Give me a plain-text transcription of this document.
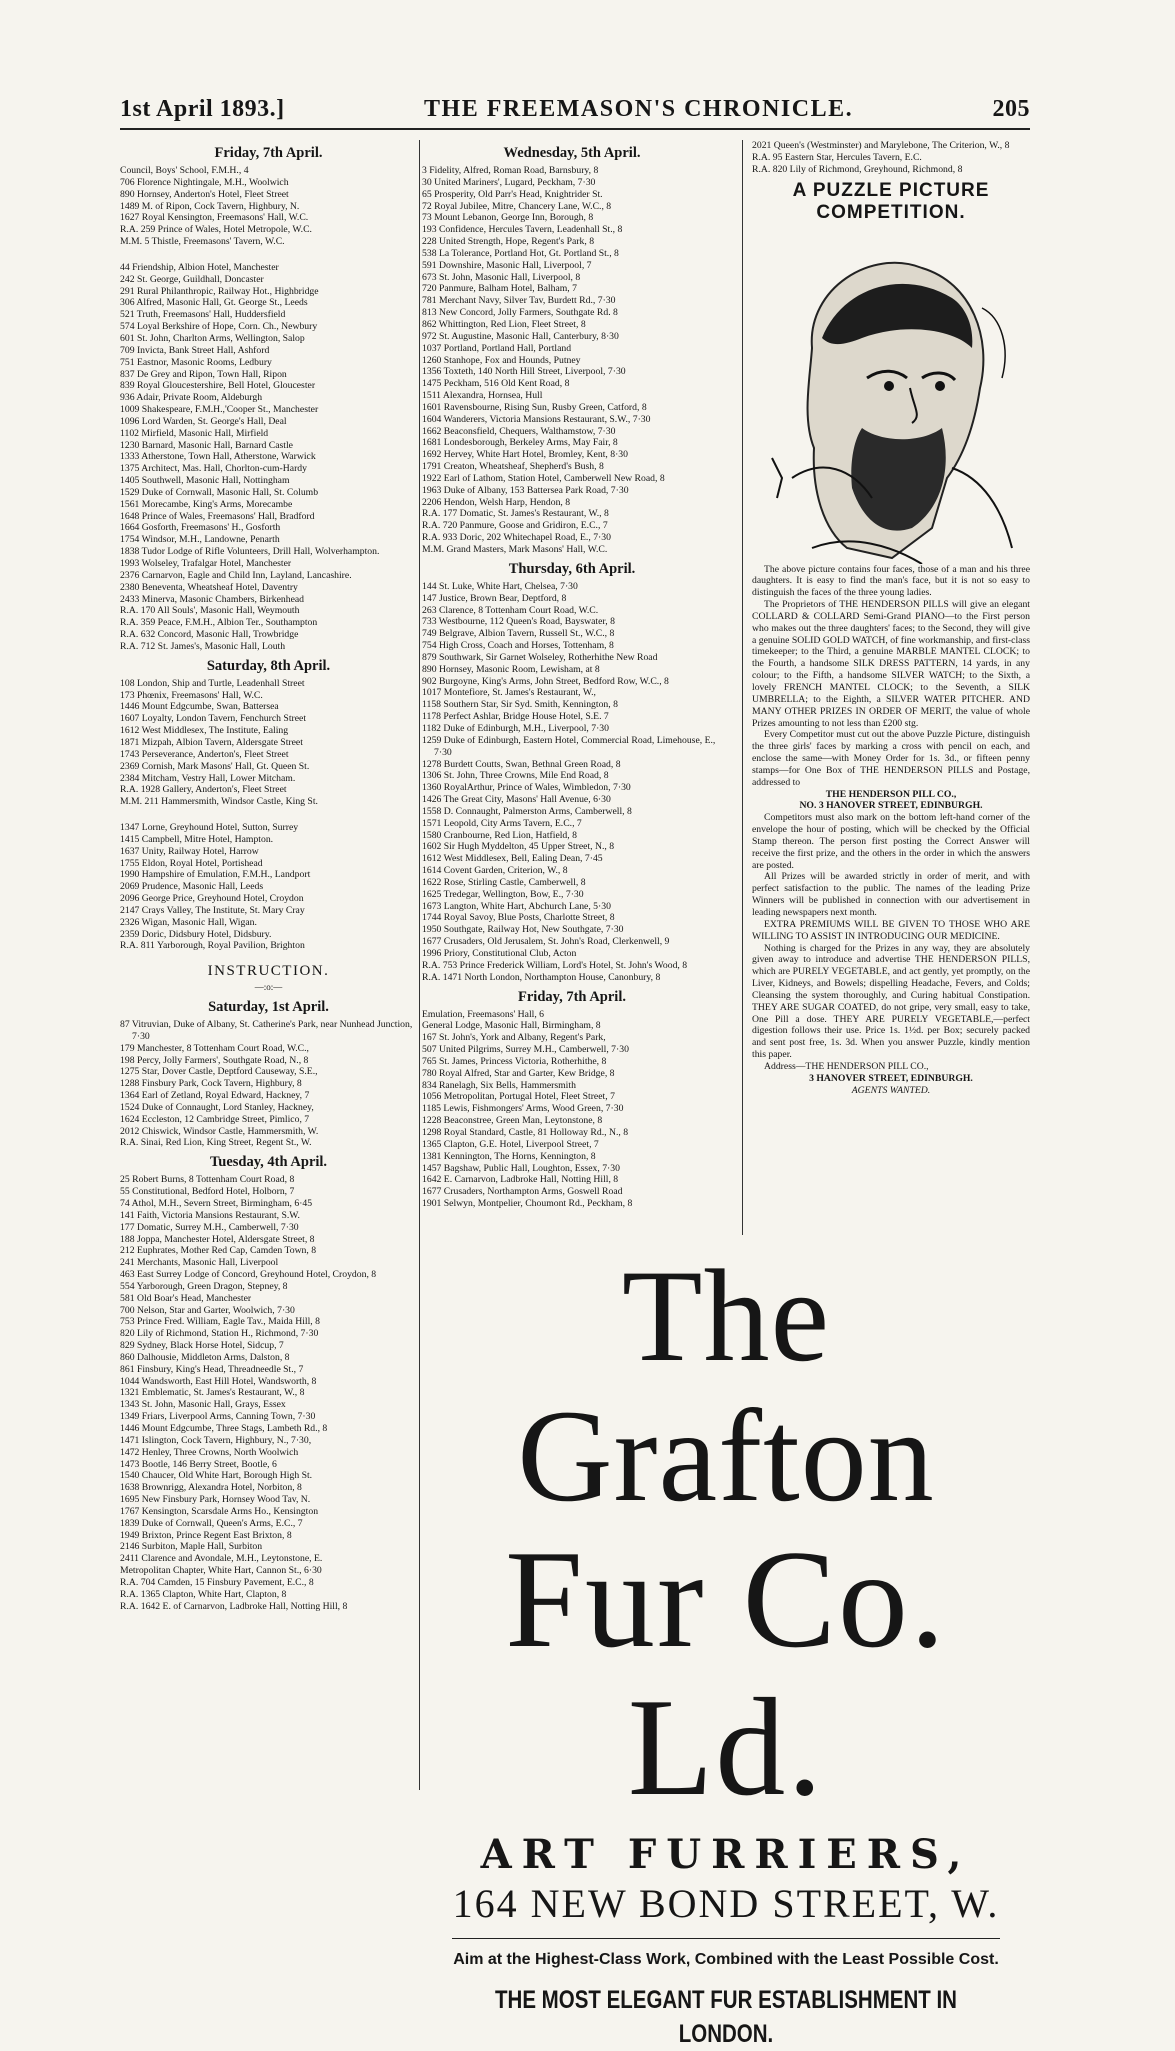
1st April 1893.]	THE FREEMASON'S CHRONICLE.	205
Friday, 7th April.
Council, Boys' School, F.M.H., 4
706 Florence Nightingale, M.H., Woolwich
890 Hornsey, Anderton's Hotel, Fleet Street
1489 M. of Ripon, Cock Tavern, Highbury, N.
1627 Royal Kensington, Freemasons' Hall, W.C.
R.A. 259 Prince of Wales, Hotel Metropole, W.C.
M.M. 5 Thistle, Freemasons' Tavern, W.C.
44 Friendship, Albion Hotel, Manchester
242 St. George, Guildhall, Doncaster
291 Rural Philanthropic, Railway Hot., Highbridge
306 Alfred, Masonic Hall, Gt. George St., Leeds
521 Truth, Freemasons' Hall, Huddersfield
574 Loyal Berkshire of Hope, Corn. Ch., Newbury
601 St. John, Charlton Arms, Wellington, Salop
709 Invicta, Bank Street Hall, Ashford
751 Eastnor, Masonic Rooms, Ledbury
837 De Grey and Ripon, Town Hall, Ripon
839 Royal Gloucestershire, Bell Hotel, Gloucester
936 Adair, Private Room, Aldeburgh
1009 Shakespeare, F.M.H.,'Cooper St., Manchester
1096 Lord Warden, St. George's Hall, Deal
1102 Mirfield, Masonic Hall, Mirfield
1230 Barnard, Masonic Hall, Barnard Castle
1333 Atherstone, Town Hall, Atherstone, Warwick
1375 Architect, Mas. Hall, Chorlton-cum-Hardy
1405 Southwell, Masonic Hall, Nottingham
1529 Duke of Cornwall, Masonic Hall, St. Columb
1561 Morecambe, King's Arms, Morecambe
1648 Prince of Wales, Freemasons' Hall, Bradford
1664 Gosforth, Freemasons' H., Gosforth
1754 Windsor, M.H., Landowne, Penarth
1838 Tudor Lodge of Rifle Volunteers, Drill Hall, Wolverhampton.
1993 Wolseley, Trafalgar Hotel, Manchester
2376 Carnarvon, Eagle and Child Inn, Layland, Lancashire.
2380 Beneventa, Wheatsheaf Hotel, Daventry
2433 Minerva, Masonic Chambers, Birkenhead
R.A. 170 All Souls', Masonic Hall, Weymouth
R.A. 359 Peace, F.M.H., Albion Ter., Southampton
R.A. 632 Concord, Masonic Hall, Trowbridge
R.A. 712 St. James's, Masonic Hall, Louth
Saturday, 8th April.
108 London, Ship and Turtle, Leadenhall Street
173 Phœnix, Freemasons' Hall, W.C.
1446 Mount Edgcumbe, Swan, Battersea
1607 Loyalty, London Tavern, Fenchurch Street
1612 West Middlesex, The Institute, Ealing
1871 Mizpah, Albion Tavern, Aldersgate Street
1743 Perseverance, Anderton's, Fleet Street
2369 Cornish, Mark Masons' Hall, Gt. Queen St.
2384 Mitcham, Vestry Hall, Lower Mitcham.
R.A. 1928 Gallery, Anderton's, Fleet Street
M.M. 211 Hammersmith, Windsor Castle, King St.
1347 Lorne, Greyhound Hotel, Sutton, Surrey
1415 Campbell, Mitre Hotel, Hampton.
1637 Unity, Railway Hotel, Harrow
1755 Eldon, Royal Hotel, Portishead
1990 Hampshire of Emulation, F.M.H., Landport
2069 Prudence, Masonic Hall, Leeds
2096 George Price, Greyhound Hotel, Croydon
2147 Crays Valley, The Institute, St. Mary Cray
2326 Wigan, Masonic Hall, Wigan.
2359 Doric, Didsbury Hotel, Didsbury.
R.A. 811 Yarborough, Royal Pavilion, Brighton
INSTRUCTION.
—:o:—
Saturday, 1st April.
87 Vitruvian, Duke of Albany, St. Catherine's Park, near Nunhead Junction, 7·30
179 Manchester, 8 Tottenham Court Road, W.C.,
198 Percy, Jolly Farmers', Southgate Road, N., 8
1275 Star, Dover Castle, Deptford Causeway, S.E.,
1288 Finsbury Park, Cock Tavern, Highbury, 8
1364 Earl of Zetland, Royal Edward, Hackney, 7
1524 Duke of Connaught, Lord Stanley, Hackney,
1624 Eccleston, 12 Cambridge Street, Pimlico, 7
2012 Chiswick, Windsor Castle, Hammersmith, W.
R.A. Sinai, Red Lion, King Street, Regent St., W.
Tuesday, 4th April.
25 Robert Burns, 8 Tottenham Court Road, 8
55 Constitutional, Bedford Hotel, Holborn, 7
74 Athol, M.H., Severn Street, Birmingham, 6·45
141 Faith, Victoria Mansions Restaurant, S.W.
177 Domatic, Surrey M.H., Camberwell, 7·30
188 Joppa, Manchester Hotel, Aldersgate Street, 8
212 Euphrates, Mother Red Cap, Camden Town, 8
241 Merchants, Masonic Hall, Liverpool
463 East Surrey Lodge of Concord, Greyhound Hotel, Croydon, 8
554 Yarborough, Green Dragon, Stepney, 8
581 Old Boar's Head, Manchester
700 Nelson, Star and Garter, Woolwich, 7·30
753 Prince Fred. William, Eagle Tav., Maida Hill, 8
820 Lily of Richmond, Station H., Richmond, 7·30
829 Sydney, Black Horse Hotel, Sidcup, 7
860 Dalhousie, Middleton Arms, Dalston, 8
861 Finsbury, King's Head, Threadneedle St., 7
1044 Wandsworth, East Hill Hotel, Wandsworth, 8
1321 Emblematic, St. James's Restaurant, W., 8
1343 St. John, Masonic Hall, Grays, Essex
1349 Friars, Liverpool Arms, Canning Town, 7·30
1446 Mount Edgcumbe, Three Stags, Lambeth Rd., 8
1471 Islington, Cock Tavern, Highbury, N., 7·30,
1472 Henley, Three Crowns, North Woolwich
1473 Bootle, 146 Berry Street, Bootle, 6
1540 Chaucer, Old White Hart, Borough High St.
1638 Brownrigg, Alexandra Hotel, Norbiton, 8
1695 New Finsbury Park, Hornsey Wood Tav, N.
1767 Kensington, Scarsdale Arms Ho., Kensington
1839 Duke of Cornwall, Queen's Arms, E.C., 7
1949 Brixton, Prince Regent East Brixton, 8
2146 Surbiton, Maple Hall, Surbiton
2411 Clarence and Avondale, M.H., Leytonstone, E.
Metropolitan Chapter, White Hart, Cannon St., 6·30
R.A. 704 Camden, 15 Finsbury Pavement, E.C., 8
R.A. 1365 Clapton, White Hart, Clapton, 8
R.A. 1642 E. of Carnarvon, Ladbroke Hall, Notting Hill, 8
Wednesday, 5th April.
3 Fidelity, Alfred, Roman Road, Barnsbury, 8
30 United Mariners', Lugard, Peckham, 7·30
65 Prosperity, Old Parr's Head, Knightrider St.
72 Royal Jubilee, Mitre, Chancery Lane, W.C., 8
73 Mount Lebanon, George Inn, Borough, 8
193 Confidence, Hercules Tavern, Leadenhall St., 8
228 United Strength, Hope, Regent's Park, 8
538 La Tolerance, Portland Hot, Gt. Portland St., 8
591 Downshire, Masonic Hall, Liverpool, 7
673 St. John, Masonic Hall, Liverpool, 8
720 Panmure, Balham Hotel, Balham, 7
781 Merchant Navy, Silver Tav, Burdett Rd., 7·30
813 New Concord, Jolly Farmers, Southgate Rd. 8
862 Whittington, Red Lion, Fleet Street, 8
972 St. Augustine, Masonic Hall, Canterbury, 8·30
1037 Portland, Portland Hall, Portland
1260 Stanhope, Fox and Hounds, Putney
1356 Toxteth, 140 North Hill Street, Liverpool, 7·30
1475 Peckham, 516 Old Kent Road, 8
1511 Alexandra, Hornsea, Hull
1601 Ravensbourne, Rising Sun, Rusby Green, Catford, 8
1604 Wanderers, Victoria Mansions Restaurant, S.W., 7·30
1662 Beaconsfield, Chequers, Walthamstow, 7·30
1681 Londesborough, Berkeley Arms, May Fair, 8
1692 Hervey, White Hart Hotel, Bromley, Kent, 8·30
1791 Creaton, Wheatsheaf, Shepherd's Bush, 8
1922 Earl of Lathom, Station Hotel, Camberwell New Road, 8
1963 Duke of Albany, 153 Battersea Park Road, 7·30
2206 Hendon, Welsh Harp, Hendon, 8
R.A. 177 Domatic, St. James's Restaurant, W., 8
R.A. 720 Panmure, Goose and Gridiron, E.C., 7
R.A. 933 Doric, 202 Whitechapel Road, E., 7·30
M.M. Grand Masters, Mark Masons' Hall, W.C.
Thursday, 6th April.
144 St. Luke, White Hart, Chelsea, 7·30
147 Justice, Brown Bear, Deptford, 8
263 Clarence, 8 Tottenham Court Road, W.C.
733 Westbourne, 112 Queen's Road, Bayswater, 8
749 Belgrave, Albion Tavern, Russell St., W.C., 8
754 High Cross, Coach and Horses, Tottenham, 8
879 Southwark, Sir Garnet Wolseley, Rotherhithe New Road
890 Hornsey, Masonic Room, Lewisham, at 8
902 Burgoyne, King's Arms, John Street, Bedford Row, W.C., 8
1017 Montefiore, St. James's Restaurant, W.,
1158 Southern Star, Sir Syd. Smith, Kennington, 8
1178 Perfect Ashlar, Bridge House Hotel, S.E. 7
1182 Duke of Edinburgh, M.H., Liverpool, 7·30
1259 Duke of Edinburgh, Eastern Hotel, Commercial Road, Limehouse, E., 7·30
1278 Burdett Coutts, Swan, Bethnal Green Road, 8
1306 St. John, Three Crowns, Mile End Road, 8
1360 RoyalArthur, Prince of Wales, Wimbledon, 7·30
1426 The Great City, Masons' Hall Avenue, 6·30
1558 D. Connaught, Palmerston Arms, Camberwell, 8
1571 Leopold, City Arms Tavern, E.C., 7
1580 Cranbourne, Red Lion, Hatfield, 8
1602 Sir Hugh Myddelton, 45 Upper Street, N., 8
1612 West Middlesex, Bell, Ealing Dean, 7·45
1614 Covent Garden, Criterion, W., 8
1622 Rose, Stirling Castle, Camberwell, 8
1625 Tredegar, Wellington, Bow, E., 7·30
1673 Langton, White Hart, Abchurch Lane, 5·30
1744 Royal Savoy, Blue Posts, Charlotte Street, 8
1950 Southgate, Railway Hot, New Southgate, 7·30
1677 Crusaders, Old Jerusalem, St. John's Road, Clerkenwell, 9
1996 Priory, Constitutional Club, Acton
R.A. 753 Prince Frederick William, Lord's Hotel, St. John's Wood, 8
R.A. 1471 North London, Northampton House, Canonbury, 8
Friday, 7th April.
Emulation, Freemasons' Hall, 6
General Lodge, Masonic Hall, Birmingham, 8
167 St. John's, York and Albany, Regent's Park,
507 United Pilgrims, Surrey M.H., Camberwell, 7·30
765 St. James, Princess Victoria, Rotherhithe, 8
780 Royal Alfred, Star and Garter, Kew Bridge, 8
834 Ranelagh, Six Bells, Hammersmith
1056 Metropolitan, Portugal Hotel, Fleet Street, 7
1185 Lewis, Fishmongers' Arms, Wood Green, 7·30
1228 Beaconstree, Green Man, Leytonstone, 8
1298 Royal Standard, Castle, 81 Holloway Rd., N., 8
1365 Clapton, G.E. Hotel, Liverpool Street, 7
1381 Kennington, The Horns, Kennington, 8
1457 Bagshaw, Public Hall, Loughton, Essex, 7·30
1642 E. Carnarvon, Ladbroke Hall, Notting Hill, 8
1677 Crusaders, Northampton Arms, Goswell Road
1901 Selwyn, Montpelier, Choumont Rd., Peckham, 8
2021 Queen's (Westminster) and Marylebone, The Criterion, W., 8
R.A. 95 Eastern Star, Hercules Tavern, E.C.
R.A. 820 Lily of Richmond, Greyhound, Richmond, 8
A PUZZLE PICTURE COMPETITION.
The above picture contains four faces, those of a man and his three daughters. It is easy to find the man's face, but it is not so easy to distinguish the faces of the three young ladies.
The Proprietors of THE HENDERSON PILLS will give an elegant COLLARD & COLLARD Semi-Grand PIANO—to the First person who makes out the three daughters' faces; to the Second, they will give a genuine SOLID GOLD WATCH, of fine workmanship, and first-class timekeeper; to the Third, a genuine MARBLE MANTEL CLOCK; to the Fourth, a handsome SILK DRESS PATTERN, 14 yards, in any colour; to the Fifth, a handsome SILVER WATCH; to the Sixth, a lovely FRENCH MANTEL CLOCK; to the Seventh, a SILK UMBRELLA; to the Eighth, a SILVER WATER PITCHER. AND MANY OTHER PRIZES IN ORDER OF MERIT, the value of whole Prizes amounting to not less than £200 stg.
Every Competitor must cut out the above Puzzle Picture, distinguish the three girls' faces by marking a cross with pencil on each, and enclose the same—with Money Order for 1s. 3d., or fifteen penny stamps—for One Box of THE HENDERSON PILLS and Postage, addressed to
THE HENDERSON PILL CO.,
NO. 3 HANOVER STREET, EDINBURGH.
Competitors must also mark on the bottom left-hand corner of the envelope the hour of posting, which will be checked by the Official Stamp thereon. The person first posting the Correct Answer will receive the first prize, and the others in the order in which the answers are posted.
All Prizes will be awarded strictly in order of merit, and with perfect satisfaction to the public. The names of the leading Prize Winners will be published in connection with our advertisement in leading newspapers next month.
EXTRA PREMIUMS WILL BE GIVEN TO THOSE WHO ARE WILLING TO ASSIST IN INTRODUCING OUR MEDICINE.
Nothing is charged for the Prizes in any way, they are absolutely given away to introduce and advertise THE HENDERSON PILLS, which are PURELY VEGETABLE, and act gently, yet promptly, on the Liver, Kidneys, and Bowels; dispelling Headache, Fevers, and Colds; Cleansing the system thoroughly, and Curing habitual Constipation. THEY ARE SUGAR COATED, do not gripe, very small, easy to take, One Pill a dose. THEY ARE PURELY VEGETABLE,—perfect digestion follows their use. Price 1s. 1½d. per Box; securely packed and sent post free, 1s. 3d. When you answer Puzzle, kindly mention this paper.
Address—THE HENDERSON PILL CO.,
3 HANOVER STREET, EDINBURGH.
AGENTS WANTED.
The Grafton
Fur Co. Ld.
ART FURRIERS,
164 NEW BOND STREET, W.
Aim at the Highest-Class Work, Combined with the Least Possible Cost.
THE MOST ELEGANT FUR ESTABLISHMENT IN LONDON.
